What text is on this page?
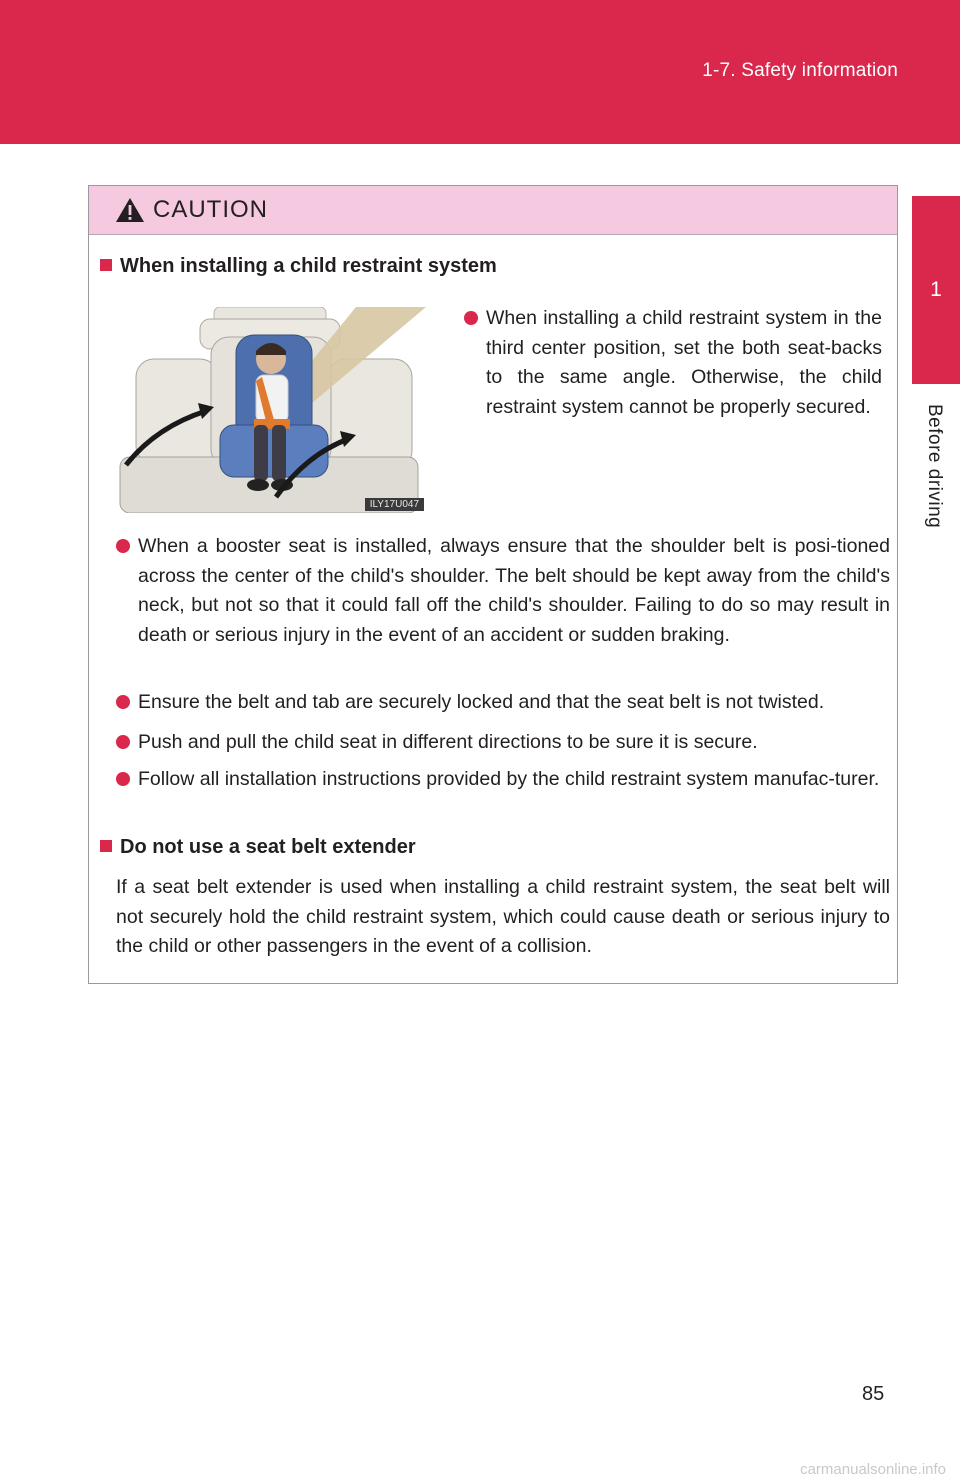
1-7. Safety information
1
Before driving
CAUTION
When installing a child restraint system
ILY17U047

When installing a child restraint system in the third center position, set the both seat-backs to the same angle. Otherwise, the child restraint system cannot be properly secured.

When a booster seat is installed, always ensure that the shoulder belt is posi-tioned across the center of the child's shoulder. The belt should be kept away from the child's neck, but not so that it could fall off the child's shoulder. Failing to do so may result in death or serious injury in the event of an accident or sudden braking.

Ensure the belt and tab are securely locked and that the seat belt is not twisted.

Push and pull the child seat in different directions to be sure it is secure.

Follow all installation instructions provided by the child restraint system manufac-turer.

Do not use a seat belt extender

If a seat belt extender is used when installing a child restraint system, the seat belt will not securely hold the child restraint system, which could cause death or serious injury to the child or other passengers in the event of a collision.

85
carmanualsonline.info
